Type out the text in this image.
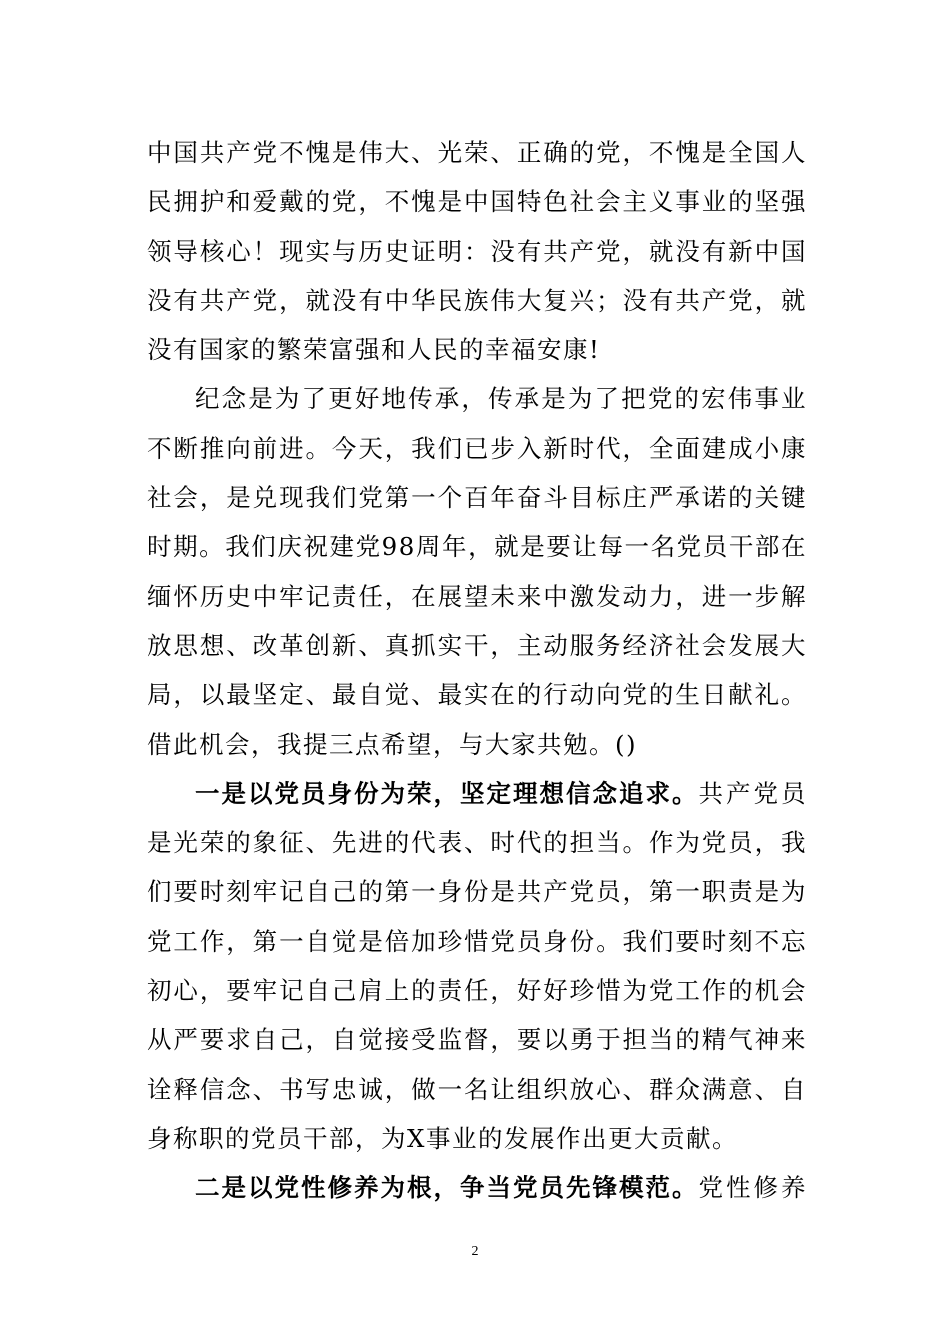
中国共产党不愧是伟大、光荣、正确的党，不愧是全国人
民拥护和爱戴的党，不愧是中国特色社会主义事业的坚强
领导核心！现实与历史证明：没有共产党，就没有新中国
没有共产党，就没有中华民族伟大复兴；没有共产党，就
没有国家的繁荣富强和人民的幸福安康!
纪念是为了更好地传承，传承是为了把党的宏伟事业
不断推向前进。今天，我们已步入新时代，全面建成小康
社会，是兑现我们党第一个百年奋斗目标庄严承诺的关键
时期。我们庆祝建党98周年，就是要让每一名党员干部在
缅怀历史中牢记责任，在展望未来中激发动力，进一步解
放思想、改革创新、真抓实干，主动服务经济社会发展大
局，以最坚定、最自觉、最实在的行动向党的生日献礼。
借此机会，我提三点希望，与大家共勉。()
一是以党员身份为荣，坚定理想信念追求。共产党员
是光荣的象征、先进的代表、时代的担当。作为党员，我
们要时刻牢记自己的第一身份是共产党员，第一职责是为
党工作，第一自觉是倍加珍惜党员身份。我们要时刻不忘
初心，要牢记自己肩上的责任，好好珍惜为党工作的机会
从严要求自己，自觉接受监督，要以勇于担当的精气神来
诠释信念、书写忠诚，做一名让组织放心、群众满意、自
身称职的党员干部，为X事业的发展作出更大贡献。
二是以党性修养为根，争当党员先锋模范。党性修养
2
